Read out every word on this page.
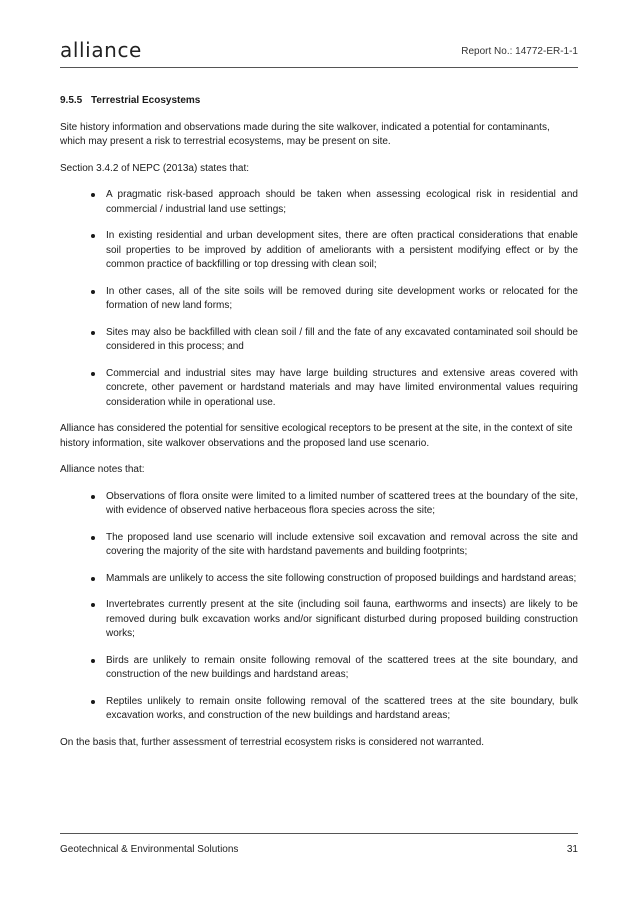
alliance	Report No.: 14772-ER-1-1
9.5.5 Terrestrial Ecosystems

Site history information and observations made during the site walkover, indicated a potential for contaminants, which may present a risk to terrestrial ecosystems, may be present on site.

Section 3.4.2 of NEPC (2013a) states that:

A pragmatic risk-based approach should be taken when assessing ecological risk in residential and commercial / industrial land use settings;
In existing residential and urban development sites, there are often practical considerations that enable soil properties to be improved by addition of ameliorants with a persistent modifying effect or by the common practice of backfilling or top dressing with clean soil;
In other cases, all of the site soils will be removed during site development works or relocated for the formation of new land forms;
Sites may also be backfilled with clean soil / fill and the fate of any excavated contaminated soil should be considered in this process; and
Commercial and industrial sites may have large building structures and extensive areas covered with concrete, other pavement or hardstand materials and may have limited environmental values requiring consideration while in operational use.

Alliance has considered the potential for sensitive ecological receptors to be present at the site, in the context of site history information, site walkover observations and the proposed land use scenario.

Alliance notes that:

Observations of flora onsite were limited to a limited number of scattered trees at the boundary of the site, with evidence of observed native herbaceous flora species across the site;
The proposed land use scenario will include extensive soil excavation and removal across the site and covering the majority of the site with hardstand pavements and building footprints;
Mammals are unlikely to access the site following construction of proposed buildings and hardstand areas;
Invertebrates currently present at the site (including soil fauna, earthworms and insects) are likely to be removed during bulk excavation works and/or significant disturbed during proposed building construction works;
Birds are unlikely to remain onsite following removal of the scattered trees at the site boundary, and construction of the new buildings and hardstand areas;
Reptiles unlikely to remain onsite following removal of the scattered trees at the site boundary, bulk excavation works, and construction of the new buildings and hardstand areas;

On the basis that, further assessment of terrestrial ecosystem risks is considered not warranted.

Geotechnical & Environmental Solutions	31
